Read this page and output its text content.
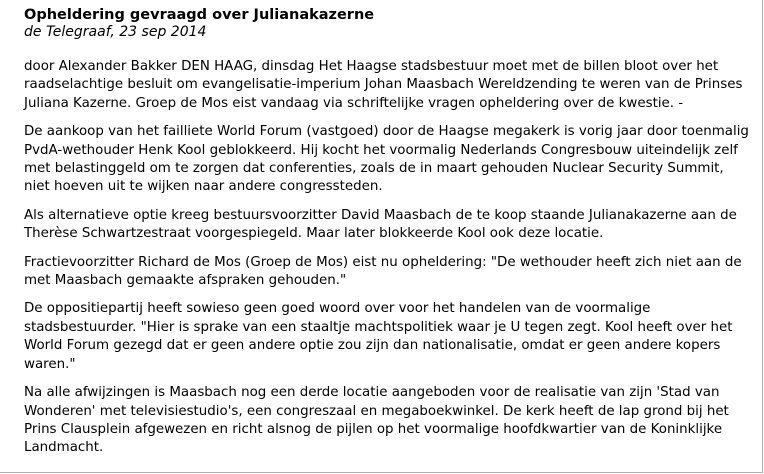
Opheldering gevraagd over Julianakazerne
de Telegraaf, 23 sep 2014

door Alexander Bakker DEN HAAG, dinsdag Het Haagse stadsbestuur moet met de billen bloot over het raadselachtige besluit om evangelisatie-imperium Johan Maasbach Wereldzending te weren van de Prinses Juliana Kazerne. Groep de Mos eist vandaag via schriftelijke vragen opheldering over de kwestie. -

De aankoop van het failliete World Forum (vastgoed) door de Haagse megakerk is vorig jaar door toenmalig PvdA-wethouder Henk Kool geblokkeerd. Hij kocht het voormalig Nederlands Congresbouw uiteindelijk zelf met belastinggeld om te zorgen dat conferenties, zoals de in maart gehouden Nuclear Security Summit, niet hoeven uit te wijken naar andere congressteden.

Als alternatieve optie kreeg bestuursvoorzitter David Maasbach de te koop staande Julianakazerne aan de Therèse Schwartzestraat voorgespiegeld. Maar later blokkeerde Kool ook deze locatie.

Fractievoorzitter Richard de Mos (Groep de Mos) eist nu opheldering: "De wethouder heeft zich niet aan de met Maasbach gemaakte afspraken gehouden."

De oppositiepartij heeft sowieso geen goed woord over voor het handelen van de voormalige stadsbestuurder. "Hier is sprake van een staaltje machtspolitiek waar je U tegen zegt. Kool heeft over het World Forum gezegd dat er geen andere optie zou zijn dan nationalisatie, omdat er geen andere kopers waren."

Na alle afwijzingen is Maasbach nog een derde locatie aangeboden voor de realisatie van zijn 'Stad van Wonderen' met televisiestudio's, een congreszaal en megaboekwinkel. De kerk heeft de lap grond bij het Prins Clausplein afgewezen en richt alsnog de pijlen op het voormalige hoofdkwartier van de Koninklijke Landmacht.
